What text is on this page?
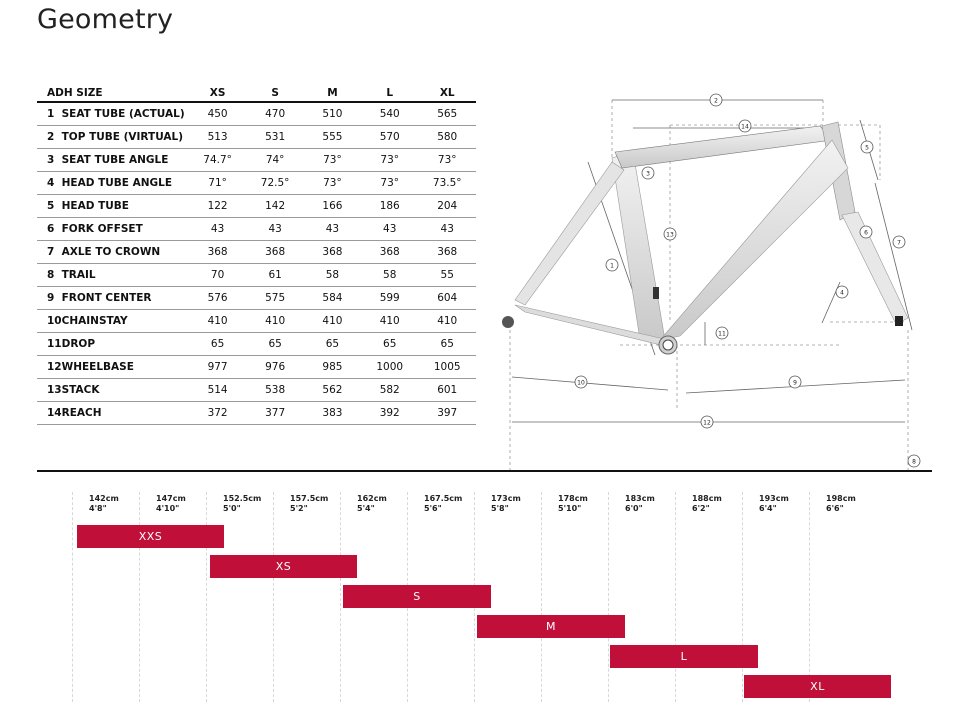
Geometry
ADH SIZE		XS	S	M	L	XL
1	SEAT TUBE (ACTUAL)	450	470	510	540	565
2	TOP TUBE (VIRTUAL)	513	531	555	570	580
3	SEAT TUBE ANGLE	74.7°	74°	73°	73°	73°
4	HEAD TUBE ANGLE	71°	72.5°	73°	73°	73.5°
5	HEAD TUBE	122	142	166	186	204
6	FORK OFFSET	43	43	43	43	43
7	AXLE TO CROWN	368	368	368	368	368
8	TRAIL	70	61	58	58	55
9	FRONT CENTER	576	575	584	599	604
10	CHAINSTAY	410	410	410	410	410
11	DROP	65	65	65	65	65
12	WHEELBASE	977	976	985	1000	1005
13	STACK	514	538	562	582	601
14	REACH	372	377	383	392	397
1
2
3
4
5
6
7
8
9
10
11
12
13
14
142cm
4'8"
147cm
4'10"
152.5cm
5'0"
157.5cm
5'2"
162cm
5'4"
167.5cm
5'6"
173cm
5'8"
178cm
5'10"
183cm
6'0"
188cm
6'2"
193cm
6'4"
198cm
6'6"
XXS
XS
S
M
L
XL
